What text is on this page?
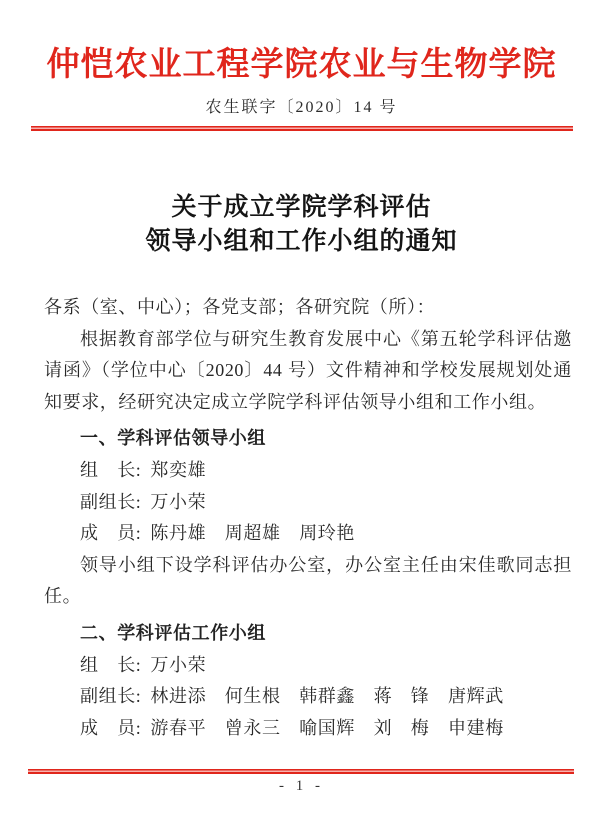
仲恺农业工程学院农业与生物学院
农生联字〔2020〕14 号
关于成立学院学科评估
领导小组和工作小组的通知

各系（室、中心）；各党支部；各研究院（所）：

根据教育部学位与研究生教育发展中心《第五轮学科评估邀请函》（学位中心〔2020〕44 号）文件精神和学校发展规划处通知要求，经研究决定成立学院学科评估领导小组和工作小组。

一、学科评估领导小组

组　长: 郑奕雄

副组长: 万小荣

成　员: 陈丹雄　周超雄　周玲艳

领导小组下设学科评估办公室，办公室主任由宋佳歌同志担任。

二、学科评估工作小组

组　长: 万小荣

副组长: 林进添　何生根　韩群鑫　蒋　锋　唐辉武

成　员: 游春平　曾永三　喻国辉　刘　梅　申建梅

- 1 -
